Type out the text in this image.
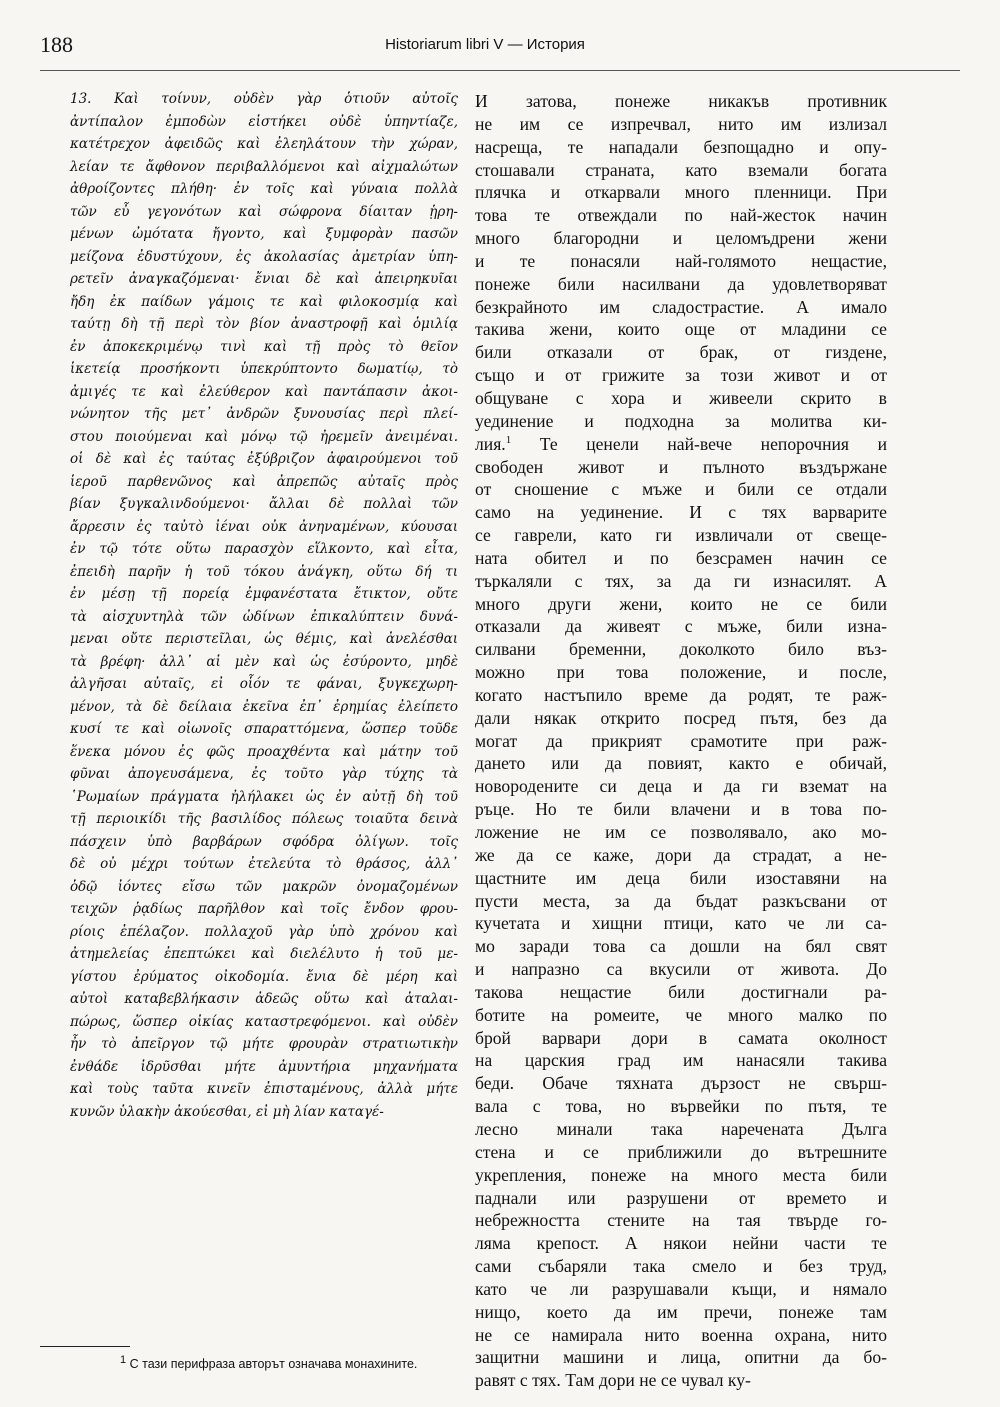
188	Historiarum libri V — История
13. Καὶ τοίνυν, οὐδὲν γὰρ ὁτιοῦν αὐτοῖς
ἀντίπαλον ἐμποδὼν εἱστήκει οὐδὲ ὑπηντίαζε,
κατέτρεχον ἀφειδῶς καὶ ἐλεηλάτουν τὴν χώραν,
λείαν τε ἄφθονον περιβαλλόμενοι καὶ αἰχμαλώτων
ἀθροίζοντες πλήθη· ἐν τοῖς καὶ γύναια πολλὰ
τῶν εὖ γεγονότων καὶ σώφρονα δίαιταν ᾑρη-
μένων ὠμότατα ἤγοντο, καὶ ξυμφορὰν πασῶν
μείζονα ἐδυστύχουν, ἐς ἀκολασίας ἀμετρίαν ὑπη-
ρετεῖν ἀναγκαζόμεναι· ἔνιαι δὲ καὶ ἀπειρηκυῖαι
ἤδη ἐκ παίδων γάμοις τε καὶ φιλοκοσμίᾳ καὶ
ταύτῃ δὴ τῇ περὶ τὸν βίον ἀναστροφῇ καὶ ὁμιλίᾳ
ἐν ἀποκεκριμένῳ τινὶ καὶ τῇ πρὸς τὸ θεῖον
ἱκετείᾳ προσήκοντι ὑπεκρύπτοντο δωματίῳ, τὸ
ἀμιγές τε καὶ ἐλεύθερον καὶ παντάπασιν ἀκοι-
νώνητον τῆς μετ᾿ ἀνδρῶν ξυνουσίας περὶ πλεί-
στου ποιούμεναι καὶ μόνῳ τῷ ἠρεμεῖν ἀνειμέναι.
οἱ δὲ καὶ ἐς ταύτας ἐξύβριζον ἀφαιρούμενοι τοῦ
ἱεροῦ παρθενῶνος καὶ ἀπρεπῶς αὐταῖς πρὸς
βίαν ξυγκαλινδούμενοι· ἄλλαι δὲ πολλαὶ τῶν
ἄρρεσιν ἐς ταὐτὸ ἰέναι οὐκ ἀνηναμένων, κύουσαι
ἐν τῷ τότε οὕτω παρασχὸν εἵλκοντο, καὶ εἶτα,
ἐπειδὴ παρῆν ἡ τοῦ τόκου ἀνάγκη, οὕτω δή τι
ἐν μέσῃ τῇ πορείᾳ ἐμφανέστατα ἔτικτον, οὔτε
τὰ αἰσχυντηλὰ τῶν ὠδίνων ἐπικαλύπτειν δυνά-
μεναι οὔτε περιστεῖλαι, ὡς θέμις, καὶ ἀνελέσθαι
τὰ βρέφη· ἀλλ᾿ αἱ μὲν καὶ ὡς ἐσύροντο, μηδὲ
ἀλγῆσαι αὐταῖς, εἰ οἷόν τε φάναι, ξυγκεχωρη-
μένον, τὰ δὲ δείλαια ἐκεῖνα ἐπ᾿ ἐρημίας ἐλείπετο
κυσί τε καὶ οἰωνοῖς σπαραττόμενα, ὥσπερ τοῦδε
ἕνεκα μόνου ἐς φῶς προαχθέντα καὶ μάτην τοῦ
φῦναι ἀπογευσάμενα, ἐς τοῦτο γὰρ τύχης τὰ
῾Ρωμαίων πράγματα ἠλήλακει ὡς ἐν αὐτῇ δὴ τοῦ
τῇ περιοικίδι τῆς βασιλίδος πόλεως τοιαῦτα δεινὰ
πάσχειν ὑπὸ βαρβάρων σφόδρα ὀλίγων. τοῖς
δὲ οὐ μέχρι τούτων ἐτελεύτα τὸ θράσος, ἀλλ᾿
ὁδῷ ἰόντες εἴσω τῶν μακρῶν ὀνομαζομένων
τειχῶν ῥᾳδίως παρῆλθον καὶ τοῖς ἔνδον φρου-
ρίοις ἐπέλαζον. πολλαχοῦ γὰρ ὑπὸ χρόνου καὶ
ἀτημελείας ἐπεπτώκει καὶ διελέλυτο ἡ τοῦ με-
γίστου ἐρύματος οἰκοδομία. ἔνια δὲ μέρη καὶ
αὐτοὶ καταβεβλήκασιν ἀδεῶς οὕτω καὶ ἀταλαι-
πώρως, ὥσπερ οἰκίας καταστρεφόμενοι. καὶ οὐδὲν
ἦν τὸ ἀπεῖργον τῷ μήτε φρουρὰν στρατιωτικὴν
ἐνθάδε ἱδρῦσθαι μήτε ἀμυντήρια μηχανήματα
καὶ τοὺς ταῦτα κινεῖν ἐπισταμένους, ἀλλὰ μήτε
κυνῶν ὑλακὴν ἀκούεσθαι, εἰ μὴ λίαν καταγέ-
И затова, понеже никакъв противник
не им се изпречвал, нито им излизал
насреща, те нападали безпощадно и опу-
стошавали страната, като вземали богата
плячка и откарвали много пленници. При
това те отвеждали по най-жесток начин
много благородни и целомъдрени жени
и те понасяли най-голямото нещастие,
понеже били насилвани да удовлетворяват
безкрайното им сладострастие. А имало
такива жени, които още от младини се
били отказали от брак, от гиздене,
също и от грижите за този живот и от
общуване с хора и живеели скрито в
уединение и подходна за молитва ки-
лия.$^1$ Те ценели най-вече непорочния и
свободен живот и пълното въздържане
от сношение с мъже и били се отдали
само на уединение. И с тях варварите
се гаврели, като ги извличали от свеще-
ната обител и по безсрамен начин се
търкаляли с тях, за да ги изнасилят. А
много други жени, които не се били
отказали да живеят с мъже, били изна-
силвани бременни, доколкото било въз-
можно при това положение, и после,
когато настъпило време да родят, те раж-
дали някак открито посред пътя, без да
могат да прикрият срамотите при раж-
дането или да повият, както е обичай,
новородените си деца и да ги вземат на
ръце. Но те били влачени и в това по-
ложение не им се позволявало, ако мо-
же да се каже, дори да страдат, а не-
щастните им деца били изоставяни на
пусти места, за да бъдат разкъсвани от
кучетата и хищни птици, като че ли са-
мо заради това са дошли на бял свят
и напразно са вкусили от живота. До
такова нещастие били достигнали ра-
ботите на ромеите, че много малко по
брой варвари дори в самата околност
на царския град им нанасяли такива
беди. Обаче тяхната дързост не свърш-
вала с това, но вървейки по пътя, те
лесно минали така наречената Дълга
стена и се приближили до вътрешните
укрепления, понеже на много места били
паднали или разрушени от времето и
небрежността стените на тая твърде го-
ляма крепост. А някои нейни части те
сами събаряли така смело и без труд,
като че ли разрушавали къщи, и нямало
нищо, което да им пречи, понеже там
не се намирала нито военна охрана, нито
защитни машини и лица, опитни да бо-
равят с тях. Там дори не се чувал ку-
1 С тази перифраза авторът означава монахините.
